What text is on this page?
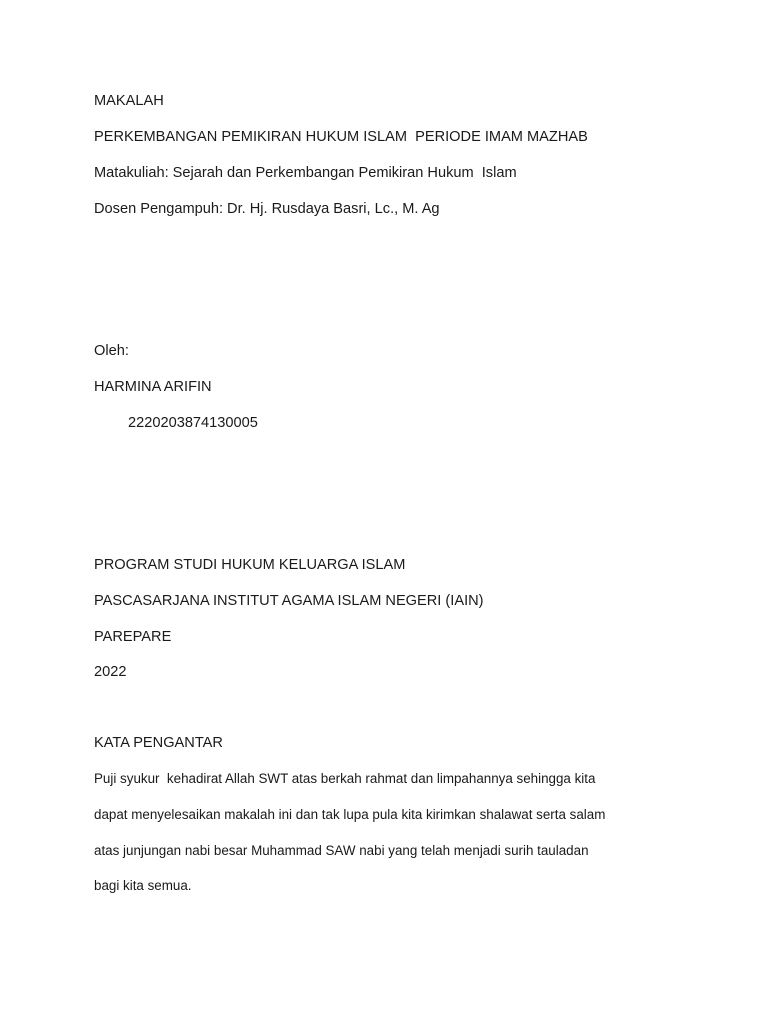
MAKALAH

PERKEMBANGAN PEMIKIRAN HUKUM ISLAM  PERIODE IMAM MAZHAB

Matakuliah: Sejarah dan Perkembangan Pemikiran Hukum  Islam

Dosen Pengampuh: Dr. Hj. Rusdaya Basri, Lc., M. Ag

Oleh:

HARMINA ARIFIN

2220203874130005

PROGRAM STUDI HUKUM KELUARGA ISLAM

PASCASARJANA INSTITUT AGAMA ISLAM NEGERI (IAIN)

PAREPARE

2022

KATA PENGANTAR

Puji syukur  kehadirat Allah SWT atas berkah rahmat dan limpahannya sehingga kita

dapat menyelesaikan makalah ini dan tak lupa pula kita kirimkan shalawat serta salam

atas junjungan nabi besar Muhammad SAW nabi yang telah menjadi surih tauladan

bagi kita semua.
